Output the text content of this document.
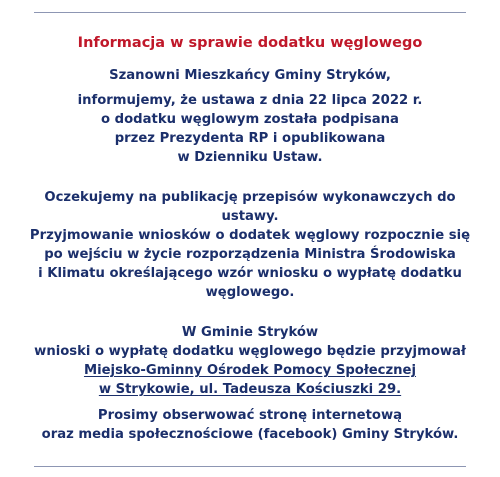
Informacja w sprawie dodatku węglowego

Szanowni Mieszkańcy Gminy Stryków,

informujemy, że ustawa z dnia 22 lipca 2022 r.
o dodatku węglowym została podpisana
przez Prezydenta RP i opublikowana
w Dzienniku Ustaw.

Oczekujemy na publikację przepisów wykonawczych do
ustawy.

Przyjmowanie wniosków o dodatek węglowy rozpocznie się
po wejściu w życie rozporządzenia Ministra Środowiska
i Klimatu określającego wzór wniosku o wypłatę dodatku
węglowego.

W Gminie Stryków
wnioski o wypłatę dodatku węglowego będzie przyjmował
Miejsko-Gminny Ośrodek Pomocy Społecznej
w Strykowie, ul. Tadeusza Kościuszki 29.

Prosimy obserwować stronę internetową
oraz media społecznościowe (facebook) Gminy Stryków.
